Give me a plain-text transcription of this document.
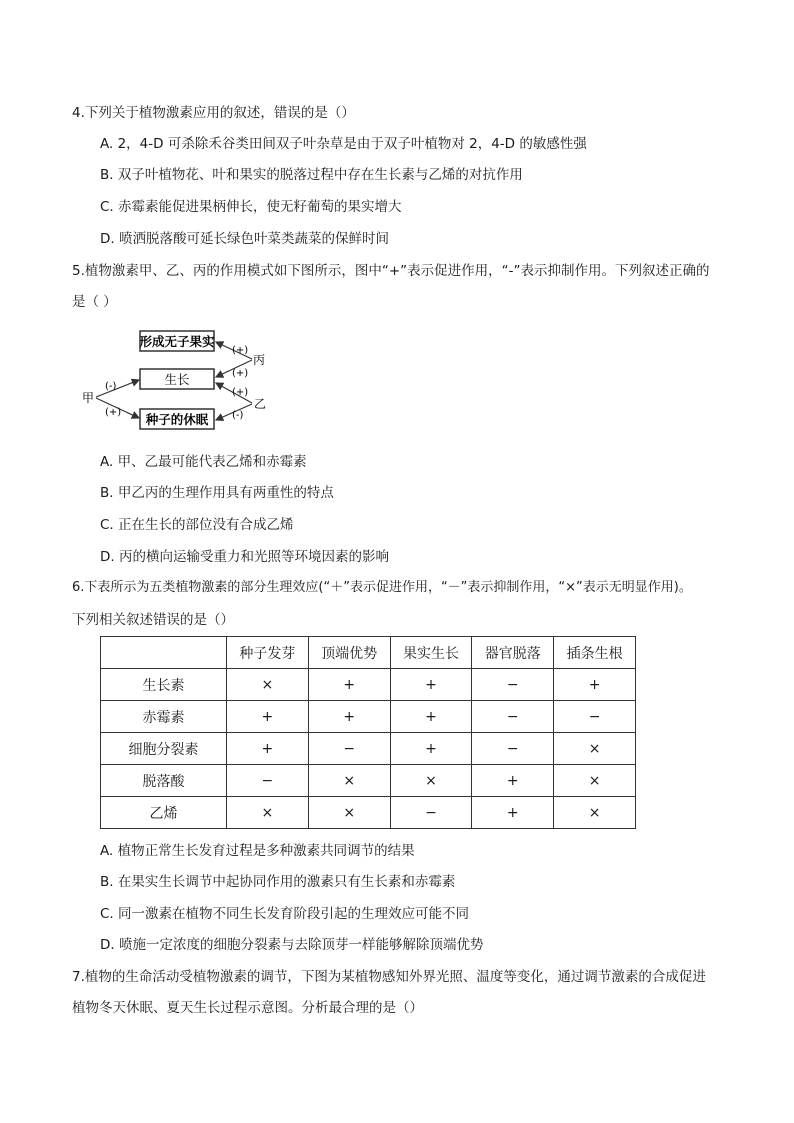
4.下列关于植物激素应用的叙述，错误的是（）
A. 2，4-D 可杀除禾谷类田间双子叶杂草是由于双子叶植物对 2，4-D 的敏感性强
B. 双子叶植物花、叶和果实的脱落过程中存在生长素与乙烯的对抗作用
C. 赤霉素能促进果柄伸长，使无籽葡萄的果实增大
D. 喷洒脱落酸可延长绿色叶菜类蔬菜的保鲜时间
5.植物激素甲、乙、丙的作用模式如下图所示，图中“+”表示促进作用，“-”表示抑制作用。下列叙述正确的
是（ ）
形成无子果实
生长
种子的休眠
甲
(-)
(+)
丙
(+)
(+)
乙
(+)
(-)
A. 甲、乙最可能代表乙烯和赤霉素
B. 甲乙丙的生理作用具有两重性的特点
C. 正在生长的部位没有合成乙烯
D. 丙的横向运输受重力和光照等环境因素的影响
6.下表所示为五类植物激素的部分生理效应(“＋”表示促进作用，“－”表示抑制作用，“×”表示无明显作用)。
下列相关叙述错误的是（）
	种子发芽	顶端优势	果实生长	器官脱落	插条生根
生长素	×	+	+	−	+
赤霉素	+	+	+	−	−
细胞分裂素	+	−	+	−	×
脱落酸	−	×	×	+	×
乙烯	×	×	−	+	×
A. 植物正常生长发育过程是多种激素共同调节的结果
B. 在果实生长调节中起协同作用的激素只有生长素和赤霉素
C. 同一激素在植物不同生长发育阶段引起的生理效应可能不同
D. 喷施一定浓度的细胞分裂素与去除顶芽一样能够解除顶端优势
7.植物的生命活动受植物激素的调节，下图为某植物感知外界光照、温度等变化，通过调节激素的合成促进
植物冬天休眠、夏天生长过程示意图。分析最合理的是（）
